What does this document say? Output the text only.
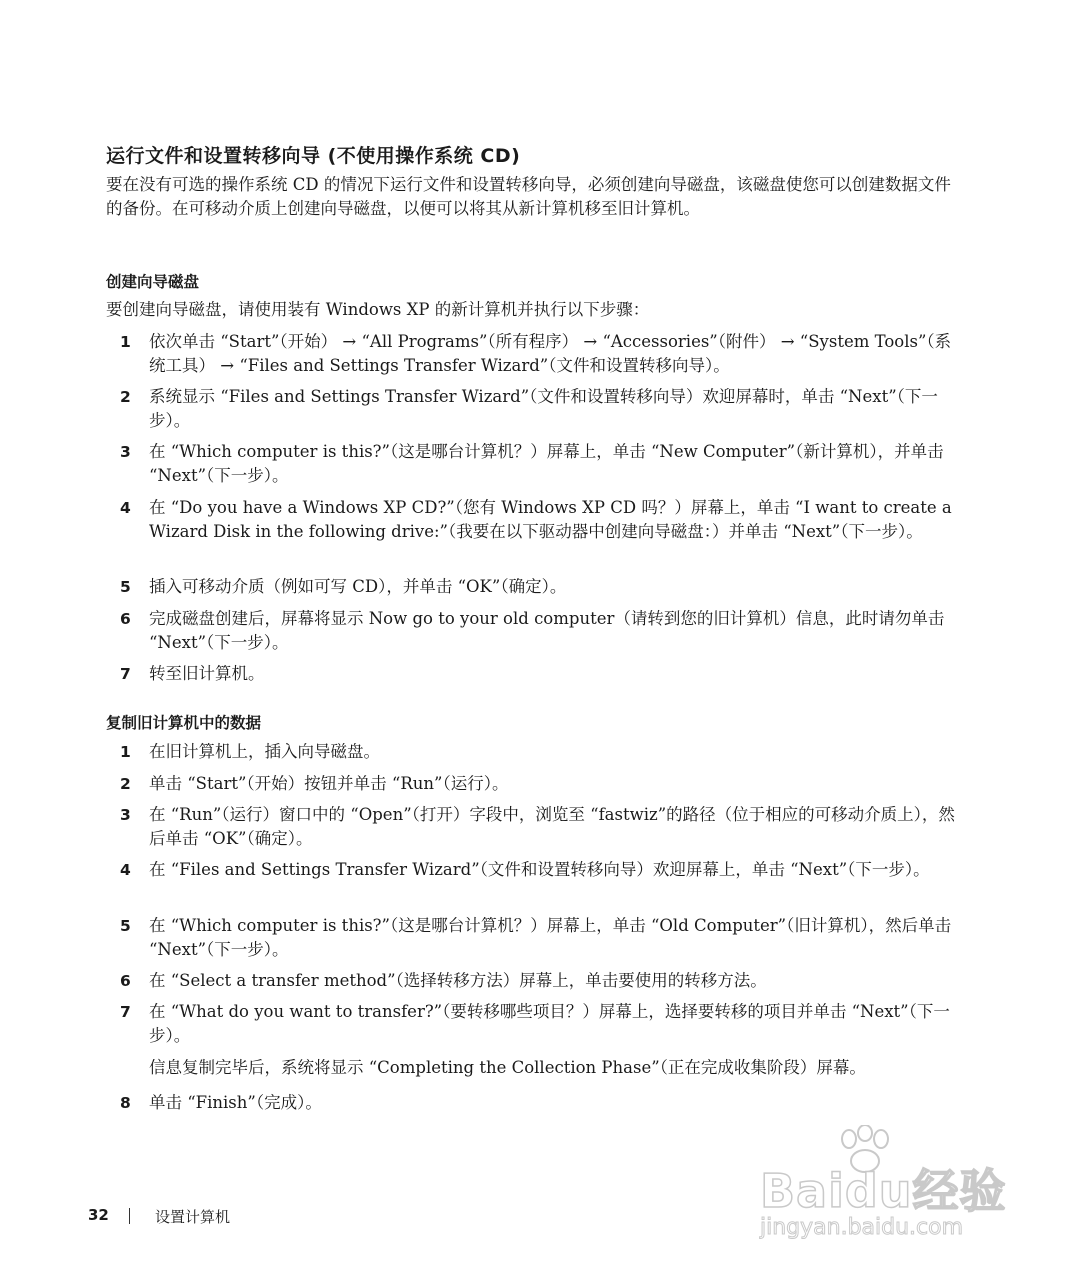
运行文件和设置转移向导 (不使用操作系统 CD)
要在没有可选的操作系统 CD 的情况下运行文件和设置转移向导，必须创建向导磁盘，该磁盘使您可以创建数据文件的备份。在可移动介质上创建向导磁盘，以便可以将其从新计算机移至旧计算机。
创建向导磁盘
要创建向导磁盘，请使用装有 Windows XP 的新计算机并执行以下步骤：
1 依次单击 “Start”（开始） → “All Programs”（所有程序） → “Accessories”（附件） → “System Tools”（系统工具） → “Files and Settings Transfer Wizard”（文件和设置转移向导）。
2 系统显示 “Files and Settings Transfer Wizard”（文件和设置转移向导）欢迎屏幕时，单击 “Next”（下一步）。
3 在 “Which computer is this?”（这是哪台计算机？）屏幕上，单击 “New Computer”（新计算机），并单击 “Next”（下一步）。
4 在 “Do you have a Windows XP CD?”（您有 Windows XP CD 吗？）屏幕上，单击 “I want to create a Wizard Disk in the following drive:”（我要在以下驱动器中创建向导磁盘：）并单击 “Next”（下一步）。
5 插入可移动介质（例如可写 CD），并单击 “OK”（确定）。
6 完成磁盘创建后，屏幕将显示 Now go to your old computer（请转到您的旧计算机）信息，此时请勿单击 “Next”（下一步）。
7 转至旧计算机。
复制旧计算机中的数据
1 在旧计算机上，插入向导磁盘。
2 单击 “Start”（开始）按钮并单击 “Run”（运行）。
3 在 “Run”（运行）窗口中的 “Open”（打开）字段中，浏览至 “fastwiz”的路径（位于相应的可移动介质上），然后单击 “OK”（确定）。
4 在 “Files and Settings Transfer Wizard”（文件和设置转移向导）欢迎屏幕上，单击 “Next”（下一步）。
5 在 “Which computer is this?”（这是哪台计算机？）屏幕上，单击 “Old Computer”（旧计算机），然后单击 “Next”（下一步）。
6 在 “Select a transfer method”（选择转移方法）屏幕上，单击要使用的转移方法。
7 在 “What do you want to transfer?”（要转移哪些项目？）屏幕上，选择要转移的项目并单击 “Next”（下一步）。
信息复制完毕后，系统将显示 “Completing the Collection Phase”（正在完成收集阶段）屏幕。
8 单击 “Finish”（完成）。
32	设置计算机	Baidu经验
jingyan.baidu.com
